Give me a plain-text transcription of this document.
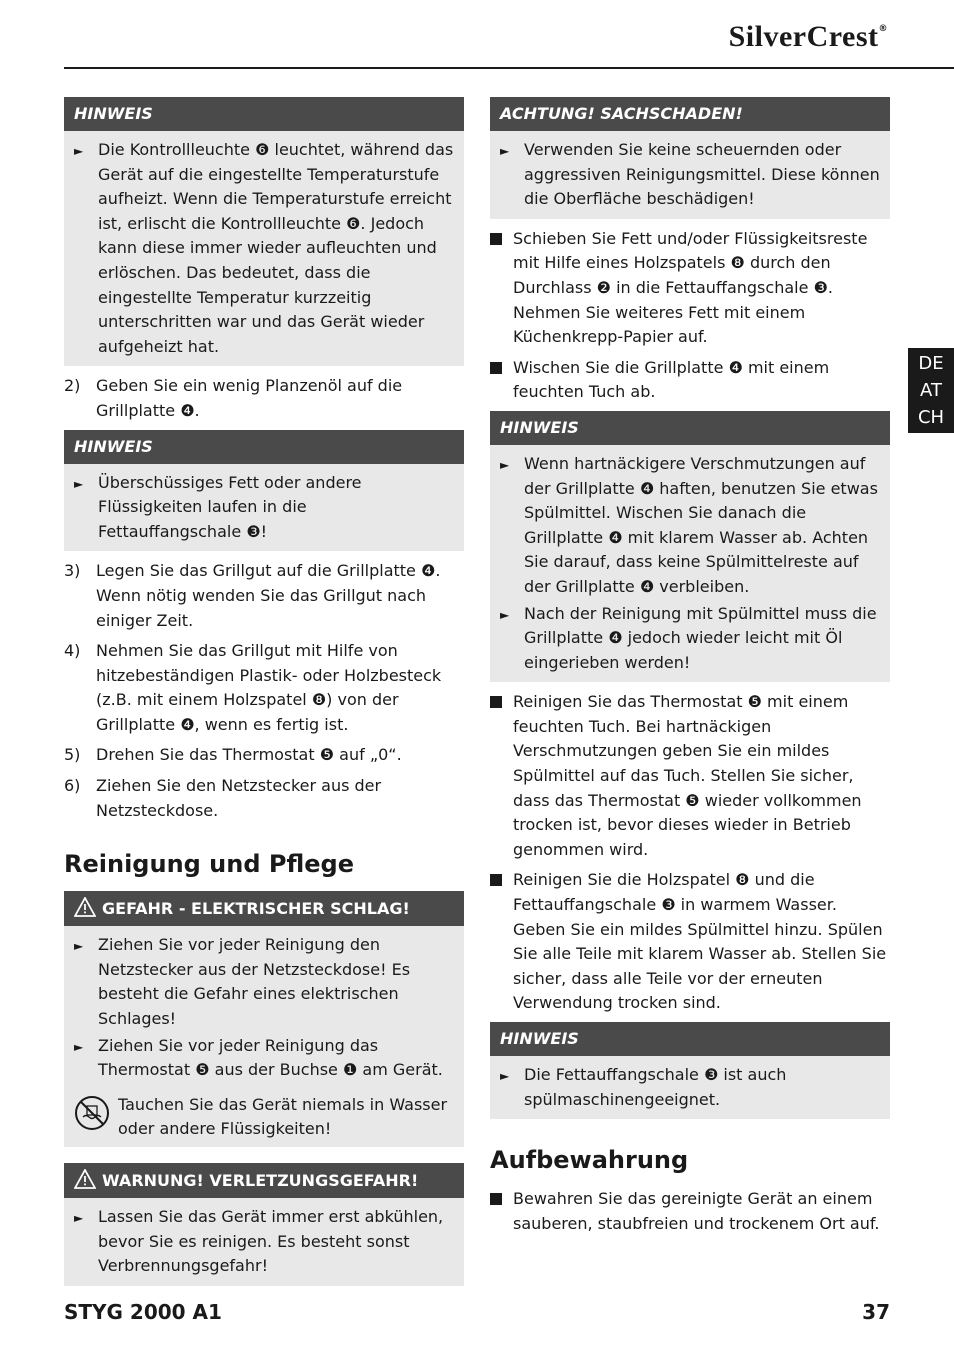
SilverCrest®
DE
AT
CH
HINWEIS
► Die Kontrollleuchte ❻ leuchtet, während das Gerät auf die eingestellte Temperaturstufe aufheizt. Wenn die Temperaturstufe erreicht ist, erlischt die Kontrollleuchte ❻. Jedoch kann diese immer wieder aufleuchten und erlöschen. Das bedeutet, dass die eingestellte Temperatur kurzzeitig unterschritten war und das Gerät wieder aufgeheizt hat.
2) Geben Sie ein wenig Planzenöl auf die Grillplatte ❹.
HINWEIS
► Überschüssiges Fett oder andere Flüssigkeiten laufen in die Fettauffangschale ❸!
3) Legen Sie das Grillgut auf die Grillplatte ❹. Wenn nötig wenden Sie das Grillgut nach einiger Zeit.
4) Nehmen Sie das Grillgut mit Hilfe von hitzebeständigen Plastik- oder Holzbesteck (z.B. mit einem Holzspatel ❽) von der Grillplatte ❹, wenn es fertig ist.
5) Drehen Sie das Thermostat ❺ auf „0“.
6) Ziehen Sie den Netzstecker aus der Netzsteckdose.
Reinigung und Pflege
GEFAHR - ELEKTRISCHER SCHLAG!
► Ziehen Sie vor jeder Reinigung den Netzstecker aus der Netzsteckdose! Es besteht die Gefahr eines elektrischen Schlages!
► Ziehen Sie vor jeder Reinigung das Thermostat ❺ aus der Buchse ❶ am Gerät.
Tauchen Sie das Gerät niemals in Wasser oder andere Flüssigkeiten!
WARNUNG! VERLETZUNGSGEFAHR!
► Lassen Sie das Gerät immer erst abkühlen, bevor Sie es reinigen. Es besteht sonst Verbrennungsgefahr!
ACHTUNG! SACHSCHADEN!
► Verwenden Sie keine scheuernden oder aggressiven Reinigungsmittel. Diese können die Oberfläche beschädigen!
Schieben Sie Fett und/oder Flüssigkeitsreste mit Hilfe eines Holzspatels ❽ durch den Durchlass ❷ in die Fettauffangschale ❸. Nehmen Sie weiteres Fett mit einem Küchenkrepp-Papier auf.
Wischen Sie die Grillplatte ❹ mit einem feuchten Tuch ab.
HINWEIS
► Wenn hartnäckigere Verschmutzungen auf der Grillplatte ❹ haften, benutzen Sie etwas Spülmittel. Wischen Sie danach die Grillplatte ❹ mit klarem Wasser ab. Achten Sie darauf, dass keine Spülmittelreste auf der Grillplatte ❹ verbleiben.
► Nach der Reinigung mit Spülmittel muss die Grillplatte ❹ jedoch wieder leicht mit Öl eingerieben werden!
Reinigen Sie das Thermostat ❺ mit einem feuchten Tuch. Bei hartnäckigen Verschmutzungen geben Sie ein mildes Spülmittel auf das Tuch. Stellen Sie sicher, dass das Thermostat ❺ wieder vollkommen trocken ist, bevor dieses wieder in Betrieb genommen wird.
Reinigen Sie die Holzspatel ❽ und die Fettauffangschale ❸ in warmem Wasser. Geben Sie ein mildes Spülmittel hinzu. Spülen Sie alle Teile mit klarem Wasser ab. Stellen Sie sicher, dass alle Teile vor der erneuten Verwendung trocken sind.
HINWEIS
► Die Fettauffangschale ❸ ist auch spülmaschinengeeignet.
Aufbewahrung
Bewahren Sie das gereinigte Gerät an einem sauberen, staubfreien und trockenem Ort auf.
STYG 2000 A1	37
